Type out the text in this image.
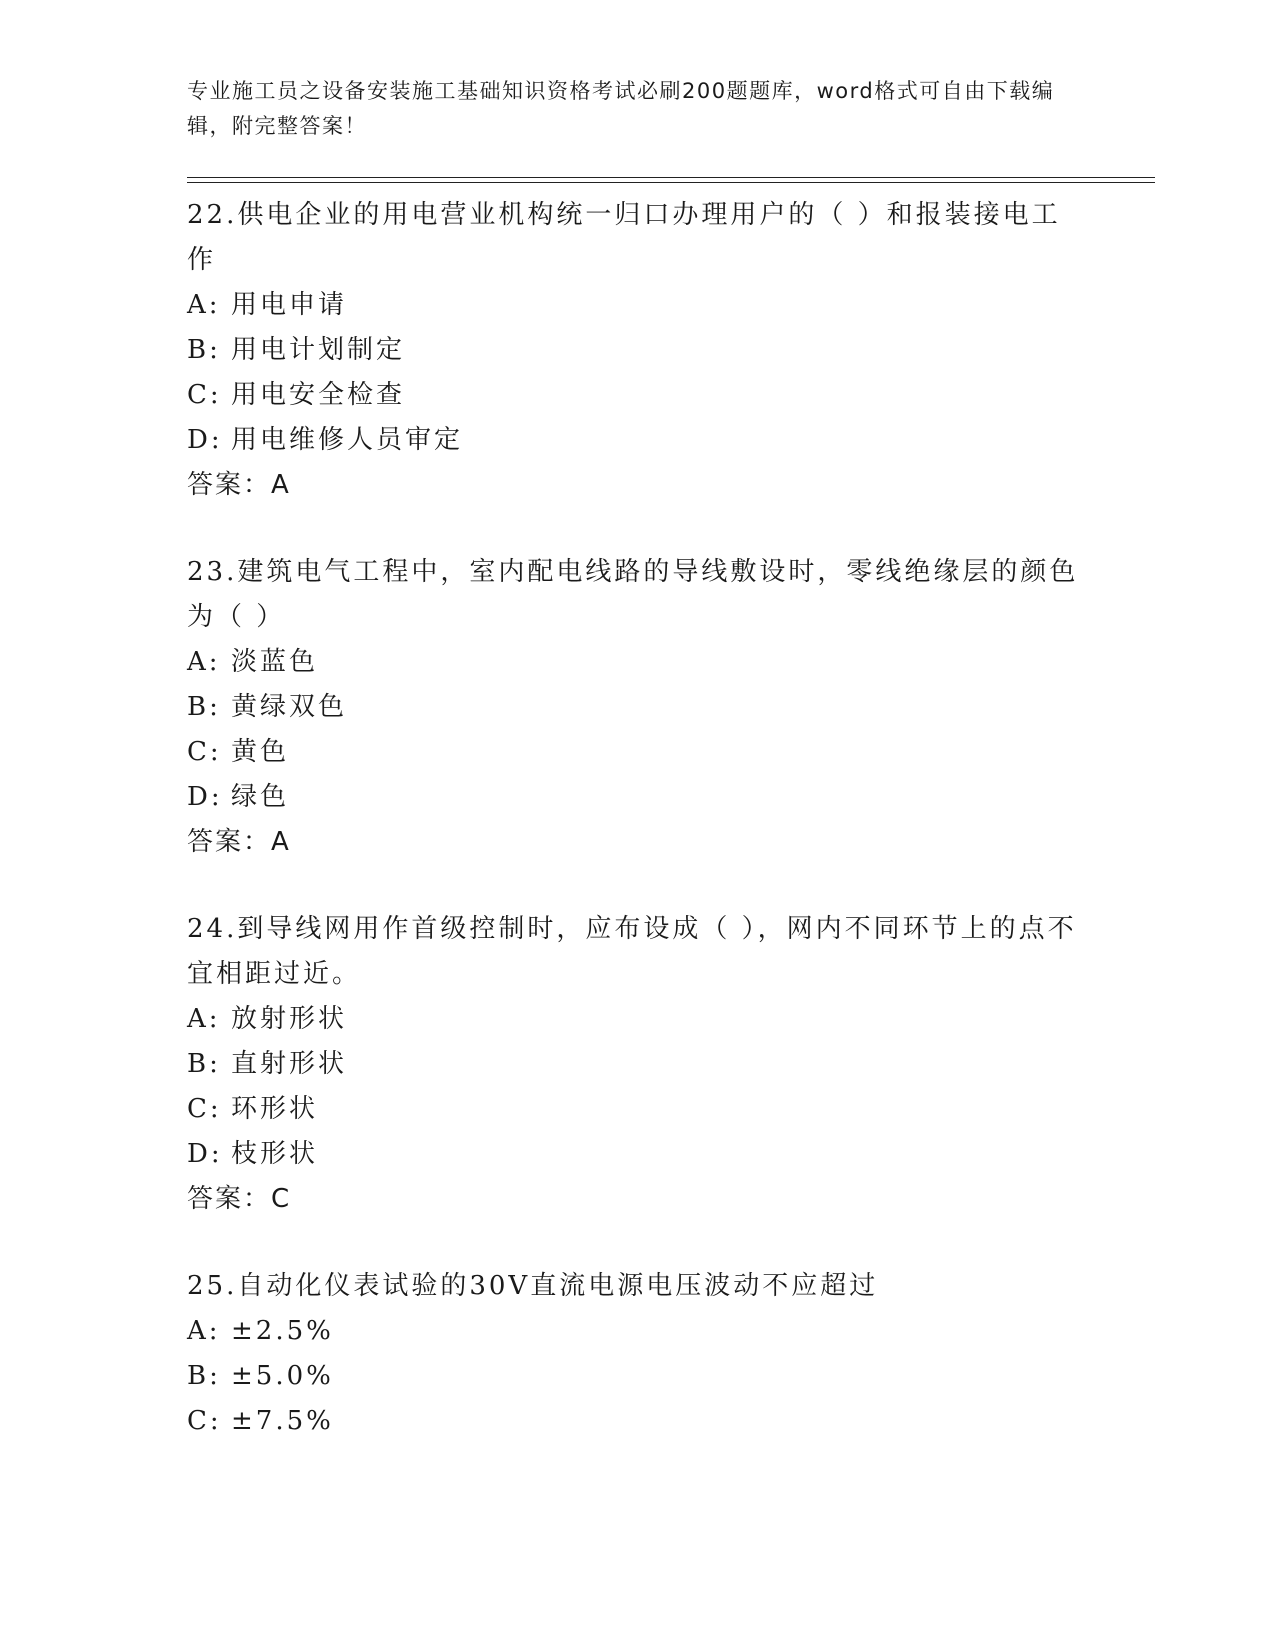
专业施工员之设备安装施工基础知识资格考试必刷200题题库，word格式可自由下载编辑，附完整答案！
22.供电企业的用电营业机构统一归口办理用户的（ ）和报装接电工作
A: 用电申请
B: 用电计划制定
C: 用电安全检查
D: 用电维修人员审定
答案：A
23.建筑电气工程中，室内配电线路的导线敷设时，零线绝缘层的颜色为（ ）
A: 淡蓝色
B: 黄绿双色
C: 黄色
D: 绿色
答案：A
24.到导线网用作首级控制时，应布设成（ ），网内不同环节上的点不宜相距过近。
A: 放射形状
B: 直射形状
C: 环形状
D: 枝形状
答案：C
25.自动化仪表试验的30V直流电源电压波动不应超过
A: ±2.5%
B: ±5.0%
C: ±7.5%
